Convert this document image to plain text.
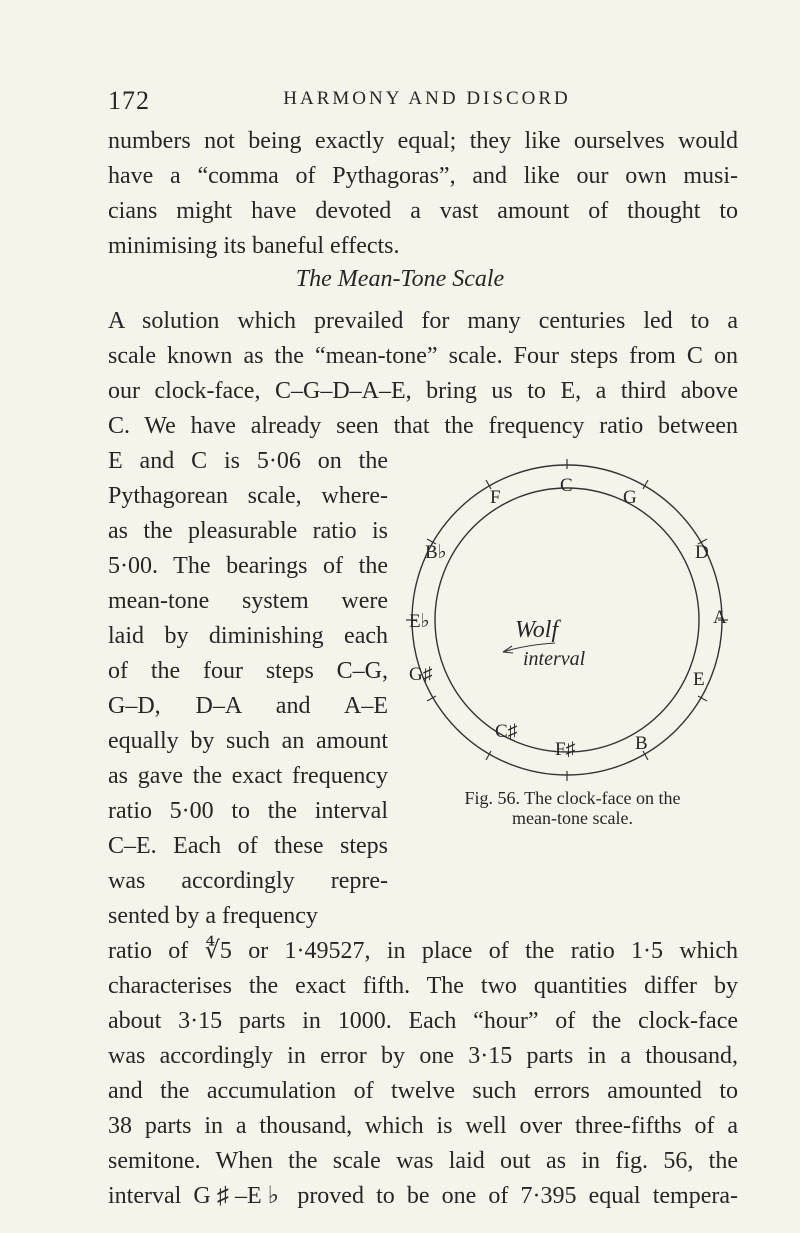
172	HARMONY AND DISCORD
numbers not being exactly equal; they like ourselves would
have a “comma of Pythagoras”, and like our own musi-
cians might have devoted a vast amount of thought to
minimising its baneful effects.
The Mean-Tone Scale
A solution which prevailed for many centuries led to a
scale known as the “mean-tone” scale. Four steps from C on
our clock-face, C–G–D–A–E, bring us to E, a third above
C. We have already seen that the frequency ratio between
E and C is 5·06 on the
Pythagorean scale, where-
as the pleasurable ratio is
5·00. The bearings of the
mean-tone system were
laid by diminishing each
of the four steps C–G,
G–D, D–A and A–E
equally by such an amount
as gave the exact frequency
ratio 5·00 to the interval
C–E. Each of these steps
was accordingly repre-
sented by a frequency
ratio of ∜5 or 1·49527, in place of the ratio 1·5 which
characterises the exact fifth. The two quantities differ by
about 3·15 parts in 1000. Each “hour” of the clock-face
was accordingly in error by one 3·15 parts in a thousand,
and the accumulation of twelve such errors amounted to
38 parts in a thousand, which is well over three-fifths of a
semitone. When the scale was laid out as in fig. 56, the
interval G♯–E♭ proved to be one of 7·395 equal tempera-
C
G
D
A
E
B
F♯
C♯
G♯
E♭
B♭
F
Wolf
interval
Fig. 56. The clock-face on the
mean-tone scale.
